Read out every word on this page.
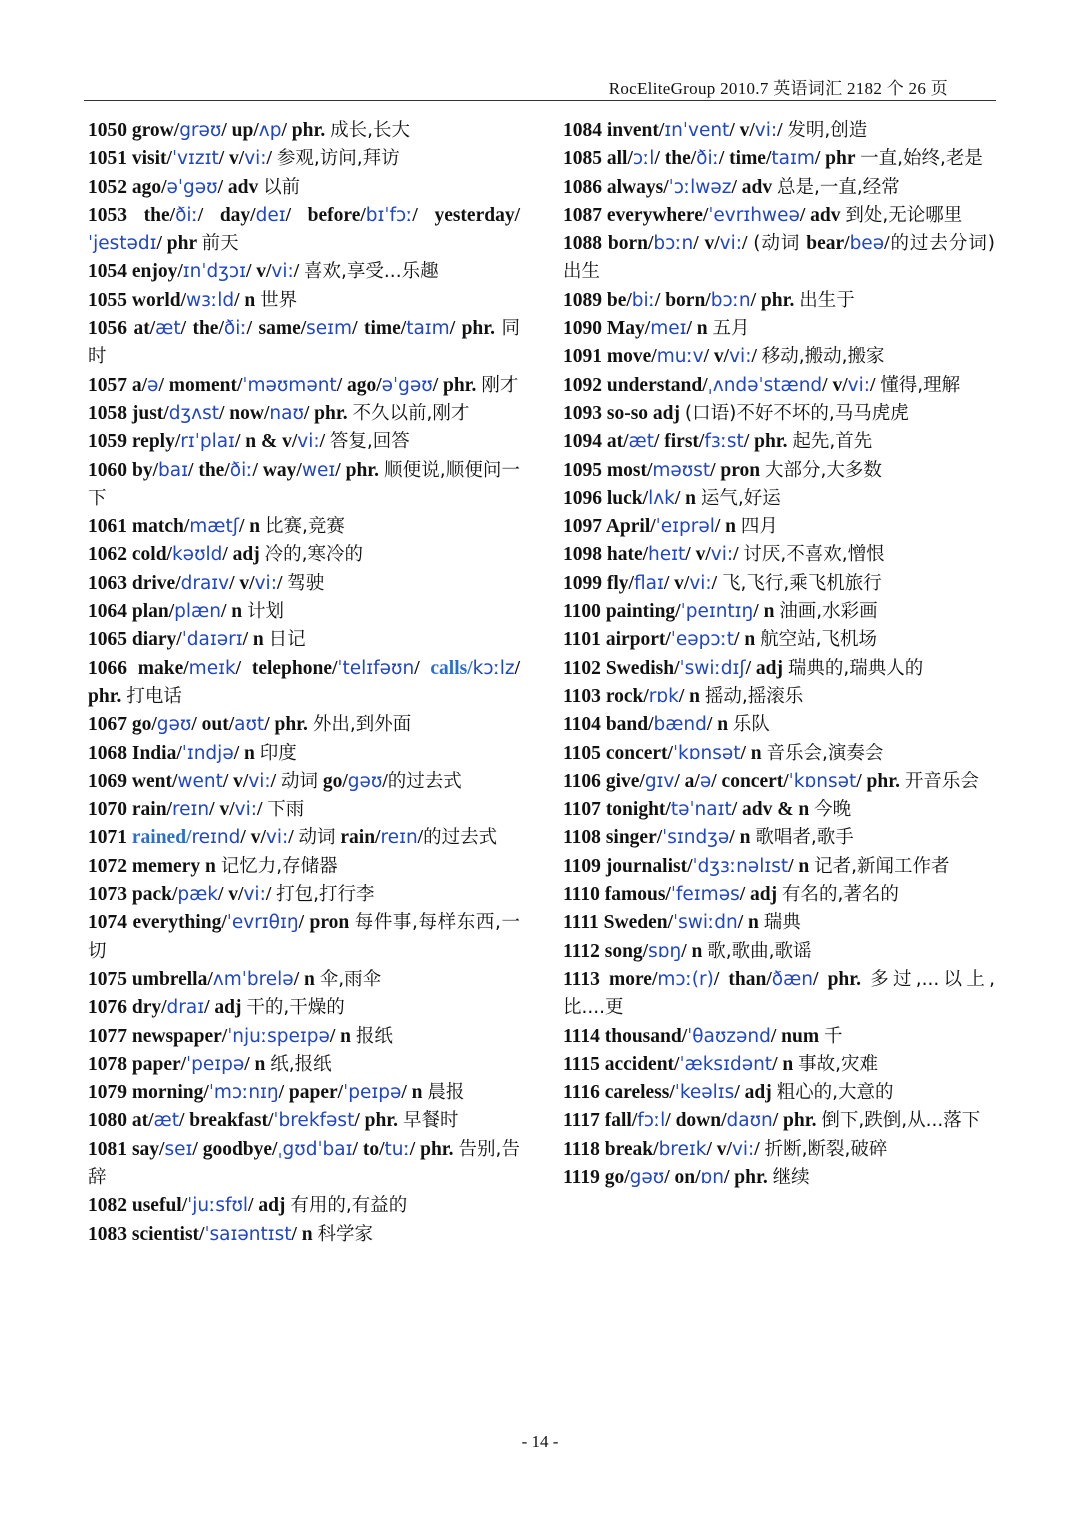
RocEliteGroup 2010.7 英语词汇 2182 个 26 页
1050 grow/grəʊ/ up/ʌp/ phr. 成长,长大
1051 visit/ˈvɪzɪt/ v/vi:/ 参观,访问,拜访
1052 ago/əˈgəʊ/ adv 以前
1053 the/ðiː/ day/deɪ/ before/bɪˈfɔː/ yesterday/ˈjestədɪ/ phr 前天
1054 enjoy/ɪnˈdʒɔɪ/ v/vi:/ 喜欢,享受...乐趣
1055 world/wɜːld/ n 世界
1056 at/æt/ the/ðiː/ same/seɪm/ time/taɪm/ phr. 同时
1057 a/ə/ moment/ˈməʊmənt/ ago/əˈgəʊ/ phr. 刚才
1058 just/dʒʌst/ now/naʊ/ phr. 不久以前,刚才
1059 reply/rɪˈplaɪ/ n & v/vi:/ 答复,回答
1060 by/baɪ/ the/ðiː/ way/weɪ/ phr. 顺便说,顺便问一下
1061 match/mætʃ/ n 比赛,竞赛
1062 cold/kəʊld/ adj 冷的,寒冷的
1063 drive/draɪv/ v/vi:/ 驾驶
1064 plan/plæn/ n 计划
1065 diary/ˈdaɪərɪ/ n 日记
1066 make/meɪk/ telephone/ˈtelɪfəʊn/ calls/kɔːlz/ phr. 打电话
1067 go/gəʊ/ out/aʊt/ phr. 外出,到外面
1068 India/ˈɪndjə/ n 印度
1069 went/went/ v/vi:/ 动词 go/gəʊ/的过去式
1070 rain/reɪn/ v/vi:/ 下雨
1071 rained/reɪnd/ v/vi:/ 动词 rain/reɪn/的过去式
1072 memery n 记忆力,存储器
1073 pack/pæk/ v/vi:/ 打包,打行李
1074 everything/ˈevrɪθɪŋ/ pron 每件事,每样东西,一切
1075 umbrella/ʌmˈbrelə/ n 伞,雨伞
1076 dry/draɪ/ adj 干的,干燥的
1077 newspaper/ˈnjuːspeɪpə/ n 报纸
1078 paper/ˈpeɪpə/ n 纸,报纸
1079 morning/ˈmɔːnɪŋ/ paper/ˈpeɪpə/ n 晨报
1080 at/æt/ breakfast/ˈbrekfəst/ phr. 早餐时
1081 say/seɪ/ goodbye/ˌgʊdˈbaɪ/ to/tuː/ phr. 告别,告辞
1082 useful/ˈjuːsfʊl/ adj 有用的,有益的
1083 scientist/ˈsaɪəntɪst/ n 科学家
1084 invent/ɪnˈvent/ v/vi:/ 发明,创造
1085 all/ɔːl/ the/ðiː/ time/taɪm/ phr 一直,始终,老是
1086 always/ˈɔːlwəz/ adv 总是,一直,经常
1087 everywhere/ˈevrɪhweə/ adv 到处,无论哪里
1088 born/bɔːn/ v/vi:/ (动词 bear/beə/的过去分词)出生
1089 be/biː/ born/bɔːn/ phr. 出生于
1090 May/meɪ/ n 五月
1091 move/muːv/ v/vi:/ 移动,搬动,搬家
1092 understand/ˌʌndəˈstænd/ v/vi:/ 懂得,理解
1093 so-so adj (口语)不好不坏的,马马虎虎
1094 at/æt/ first/fɜːst/ phr. 起先,首先
1095 most/məʊst/ pron 大部分,大多数
1096 luck/lʌk/ n 运气,好运
1097 April/ˈeɪprəl/ n 四月
1098 hate/heɪt/ v/vi:/ 讨厌,不喜欢,憎恨
1099 fly/flaɪ/ v/vi:/ 飞,飞行,乘飞机旅行
1100 painting/ˈpeɪntɪŋ/ n 油画,水彩画
1101 airport/ˈeəpɔːt/ n 航空站,飞机场
1102 Swedish/ˈswiːdɪʃ/ adj 瑞典的,瑞典人的
1103 rock/rɒk/ n 摇动,摇滚乐
1104 band/bænd/ n 乐队
1105 concert/ˈkɒnsət/ n 音乐会,演奏会
1106 give/gɪv/ a/ə/ concert/ˈkɒnsət/ phr. 开音乐会
1107 tonight/təˈnaɪt/ adv & n 今晚
1108 singer/ˈsɪndʒə/ n 歌唱者,歌手
1109 journalist/ˈdʒɜːnəlɪst/ n 记者,新闻工作者
1110 famous/ˈfeɪməs/ adj 有名的,著名的
1111 Sweden/ˈswiːdn/ n 瑞典
1112 song/sɒŋ/ n 歌,歌曲,歌谣
1113 more/mɔː(r)/ than/ðæn/ phr. 多过,...以上,比....更
1114 thousand/ˈθaʊzənd/ num 千
1115 accident/ˈæksɪdənt/ n 事故,灾难
1116 careless/ˈkeəlɪs/ adj 粗心的,大意的
1117 fall/fɔːl/ down/daʊn/ phr. 倒下,跌倒,从...落下
1118 break/breɪk/ v/vi:/ 折断,断裂,破碎
1119 go/gəʊ/ on/ɒn/ phr. 继续
- 14 -
